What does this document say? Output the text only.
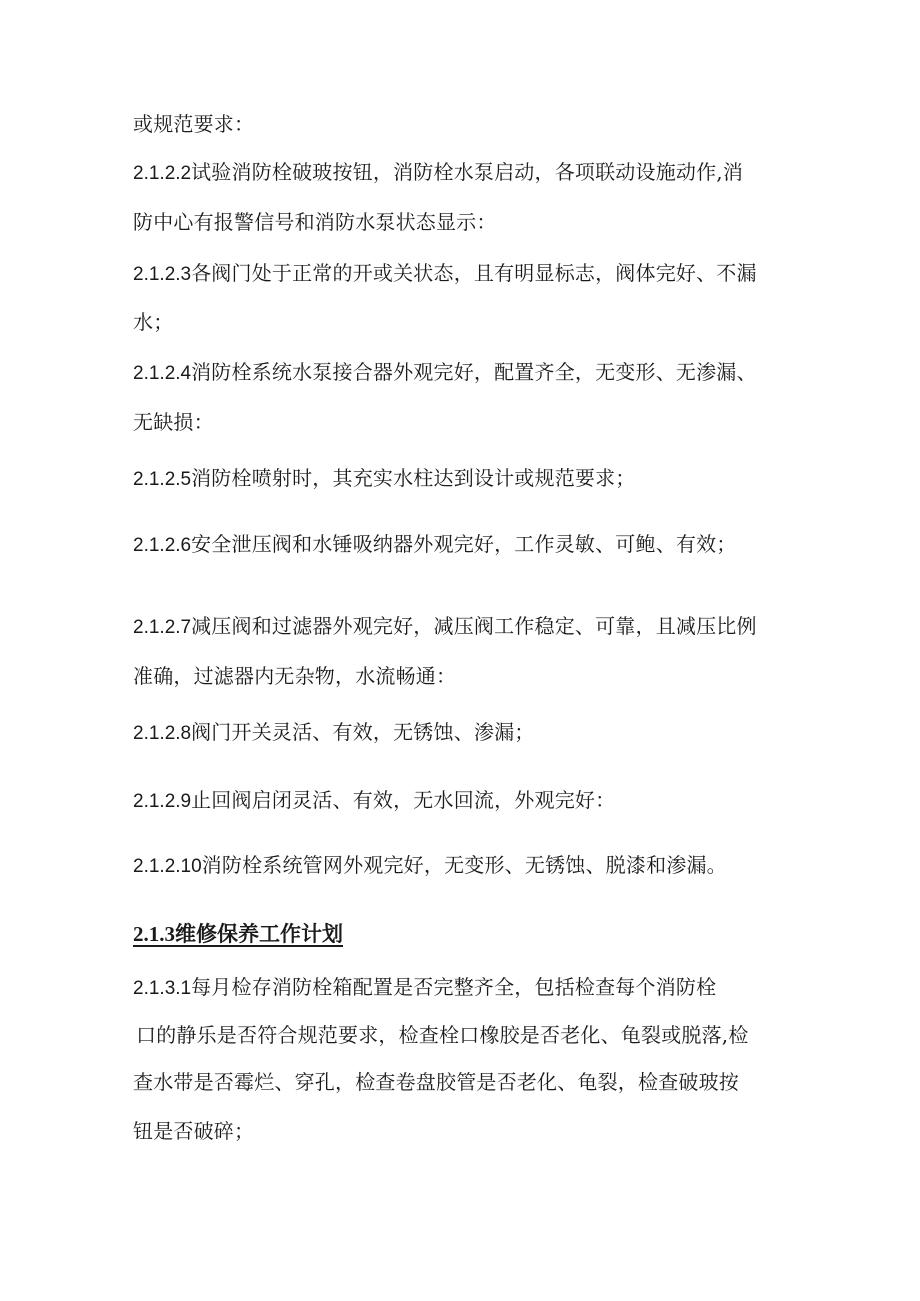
或规范要求：
2.1.2.2试验消防栓破玻按钮，消防栓水泵启动，各项联动设施动作,消
防中心有报警信号和消防水泵状态显示：
2.1.2.3各阀门处于正常的开或关状态，且有明显标志，阀体完好、不漏
水；
2.1.2.4消防栓系统水泵接合器外观完好，配置齐全，无变形、无渗漏、
无缺损：
2.1.2.5消防栓喷射时，其充实水柱达到设计或规范要求；
2.1.2.6安全泄压阀和水锤吸纳器外观完好，工作灵敏、可鲍、有效；
2.1.2.7减压阀和过滤器外观完好，减压阀工作稳定、可靠，且减压比例
准确，过滤器内无杂物，水流畅通：
2.1.2.8阀门开关灵活、有效，无锈蚀、渗漏；
2.1.2.9止回阀启闭灵活、有效，无水回流，外观完好：
2.1.2.10消防栓系统管网外观完好，无变形、无锈蚀、脱漆和渗漏。
2.1.3维修保养工作计划
2.1.3.1每月检存消防栓箱配置是否完整齐全，包括检查每个消防栓
口的静乐是否符合规范要求，检查栓口橡胶是否老化、龟裂或脱落,检
查水带是否霉烂、穿孔，检查卷盘胶管是否老化、龟裂，检查破玻按
钮是否破碎；
